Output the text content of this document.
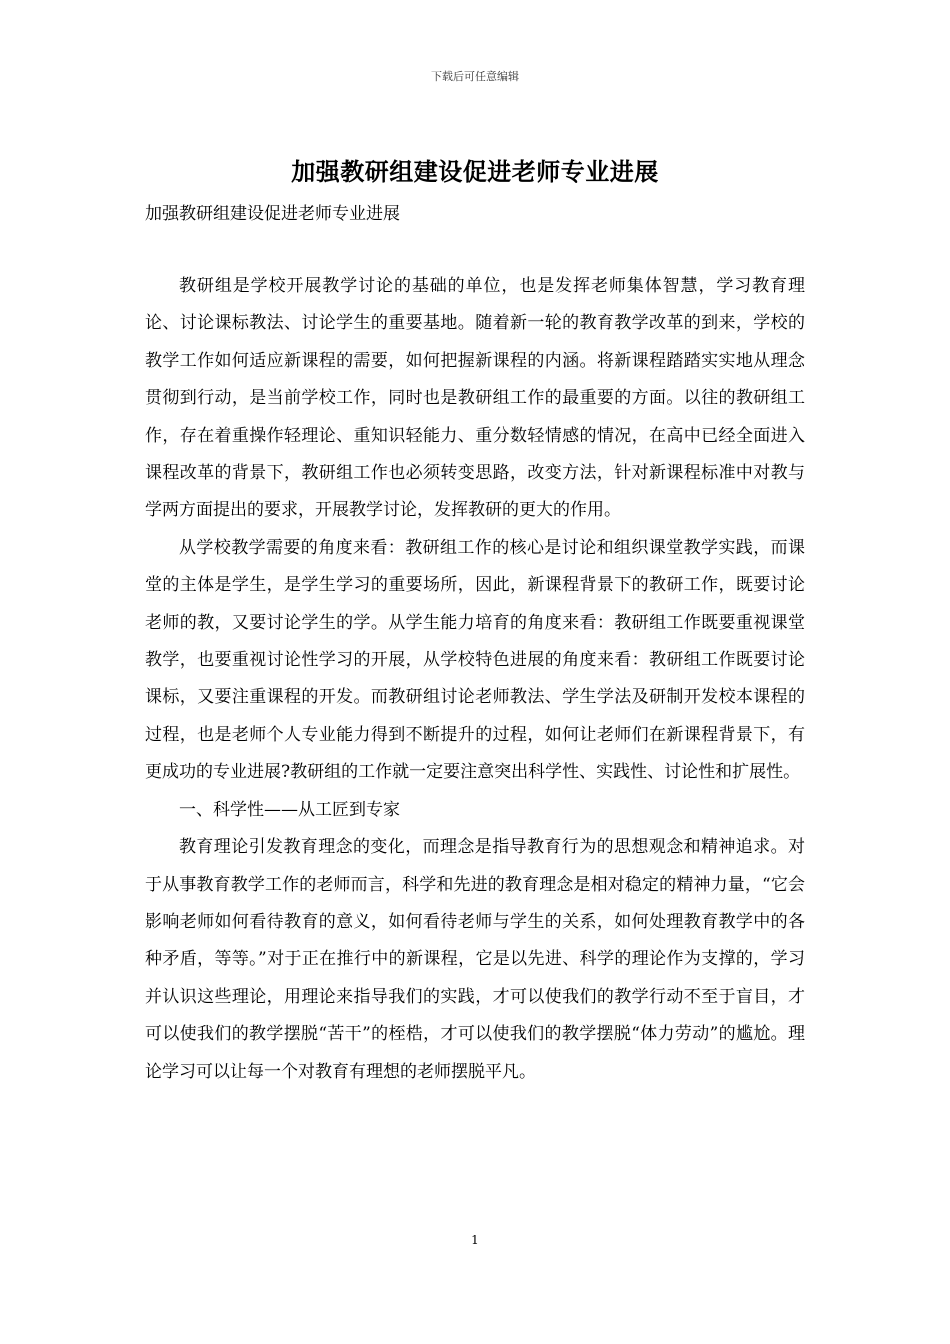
下载后可任意编辑
加强教研组建设促进老师专业进展
加强教研组建设促进老师专业进展

教研组是学校开展教学讨论的基础的单位，也是发挥老师集体智慧，学习教育理论、讨论课标教法、讨论学生的重要基地。随着新一轮的教育教学改革的到来，学校的教学工作如何适应新课程的需要，如何把握新课程的内涵。将新课程踏踏实实地从理念贯彻到行动，是当前学校工作，同时也是教研组工作的最重要的方面。以往的教研组工作，存在着重操作轻理论、重知识轻能力、重分数轻情感的情况，在高中已经全面进入课程改革的背景下，教研组工作也必须转变思路，改变方法，针对新课程标准中对教与学两方面提出的要求，开展教学讨论，发挥教研的更大的作用。

从学校教学需要的角度来看：教研组工作的核心是讨论和组织课堂教学实践，而课堂的主体是学生，是学生学习的重要场所，因此，新课程背景下的教研工作，既要讨论老师的教，又要讨论学生的学。从学生能力培育的角度来看：教研组工作既要重视课堂教学，也要重视讨论性学习的开展，从学校特色进展的角度来看：教研组工作既要讨论课标，又要注重课程的开发。而教研组讨论老师教法、学生学法及研制开发校本课程的过程，也是老师个人专业能力得到不断提升的过程，如何让老师们在新课程背景下，有更成功的专业进展?教研组的工作就一定要注意突出科学性、实践性、讨论性和扩展性。

一、科学性——从工匠到专家

教育理论引发教育理念的变化，而理念是指导教育行为的思想观念和精神追求。对于从事教育教学工作的老师而言，科学和先进的教育理念是相对稳定的精神力量，“它会影响老师如何看待教育的意义，如何看待老师与学生的关系，如何处理教育教学中的各种矛盾，等等。”对于正在推行中的新课程，它是以先进、科学的理论作为支撑的，学习并认识这些理论，用理论来指导我们的实践，才可以使我们的教学行动不至于盲目，才可以使我们的教学摆脱“苦干”的桎梏，才可以使我们的教学摆脱“体力劳动”的尴尬。理论学习可以让每一个对教育有理想的老师摆脱平凡。

1
